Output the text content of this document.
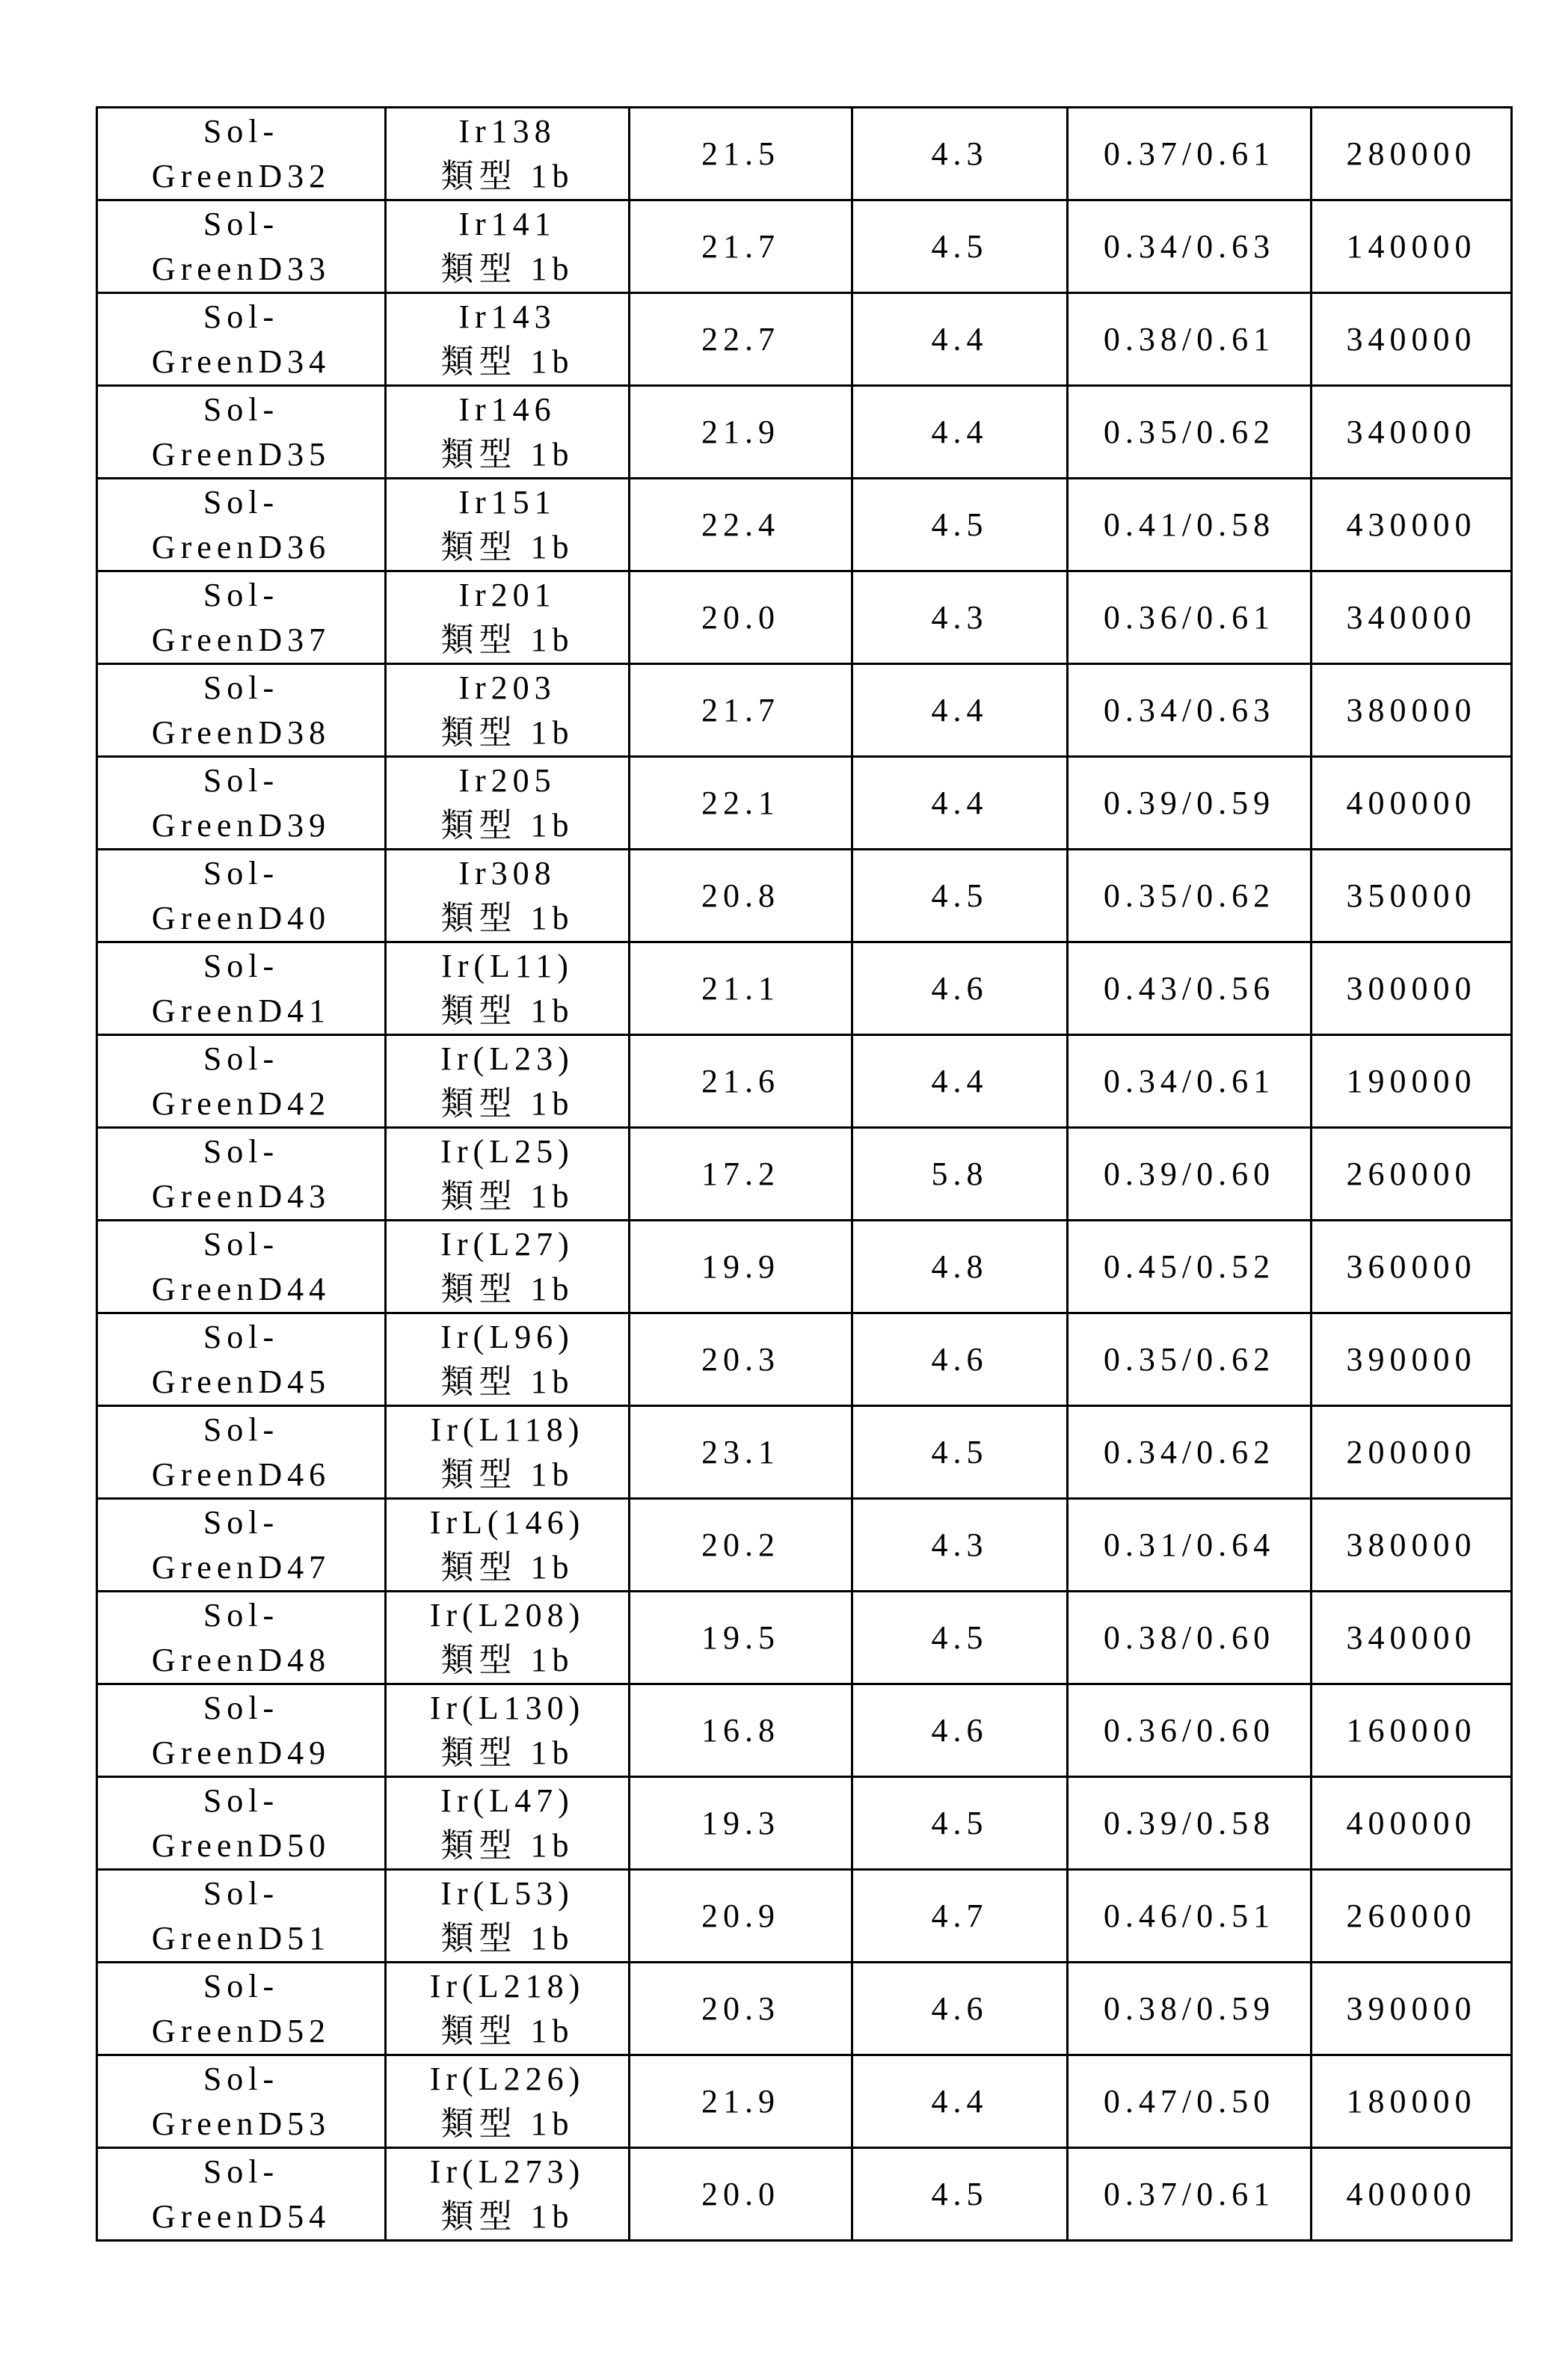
Sol-
GreenD32

Ir138
類型 1b
	21.5	4.3	0.37/0.61	280000

Sol-
GreenD33

Ir141
類型 1b
	21.7	4.5	0.34/0.63	140000

Sol-
GreenD34

Ir143
類型 1b
	22.7	4.4	0.38/0.61	340000

Sol-
GreenD35

Ir146
類型 1b
	21.9	4.4	0.35/0.62	340000

Sol-
GreenD36

Ir151
類型 1b
	22.4	4.5	0.41/0.58	430000

Sol-
GreenD37

Ir201
類型 1b
	20.0	4.3	0.36/0.61	340000

Sol-
GreenD38

Ir203
類型 1b
	21.7	4.4	0.34/0.63	380000

Sol-
GreenD39

Ir205
類型 1b
	22.1	4.4	0.39/0.59	400000

Sol-
GreenD40

Ir308
類型 1b
	20.8	4.5	0.35/0.62	350000

Sol-
GreenD41

Ir(L11)
類型 1b
	21.1	4.6	0.43/0.56	300000

Sol-
GreenD42

Ir(L23)
類型 1b
	21.6	4.4	0.34/0.61	190000

Sol-
GreenD43

Ir(L25)
類型 1b
	17.2	5.8	0.39/0.60	260000

Sol-
GreenD44

Ir(L27)
類型 1b
	19.9	4.8	0.45/0.52	360000

Sol-
GreenD45

Ir(L96)
類型 1b
	20.3	4.6	0.35/0.62	390000

Sol-
GreenD46

Ir(L118)
類型 1b
	23.1	4.5	0.34/0.62	200000

Sol-
GreenD47

IrL(146)
類型 1b
	20.2	4.3	0.31/0.64	380000

Sol-
GreenD48

Ir(L208)
類型 1b
	19.5	4.5	0.38/0.60	340000

Sol-
GreenD49

Ir(L130)
類型 1b
	16.8	4.6	0.36/0.60	160000

Sol-
GreenD50

Ir(L47)
類型 1b
	19.3	4.5	0.39/0.58	400000

Sol-
GreenD51

Ir(L53)
類型 1b
	20.9	4.7	0.46/0.51	260000

Sol-
GreenD52

Ir(L218)
類型 1b
	20.3	4.6	0.38/0.59	390000

Sol-
GreenD53

Ir(L226)
類型 1b
	21.9	4.4	0.47/0.50	180000

Sol-
GreenD54

Ir(L273)
類型 1b
	20.0	4.5	0.37/0.61	400000
